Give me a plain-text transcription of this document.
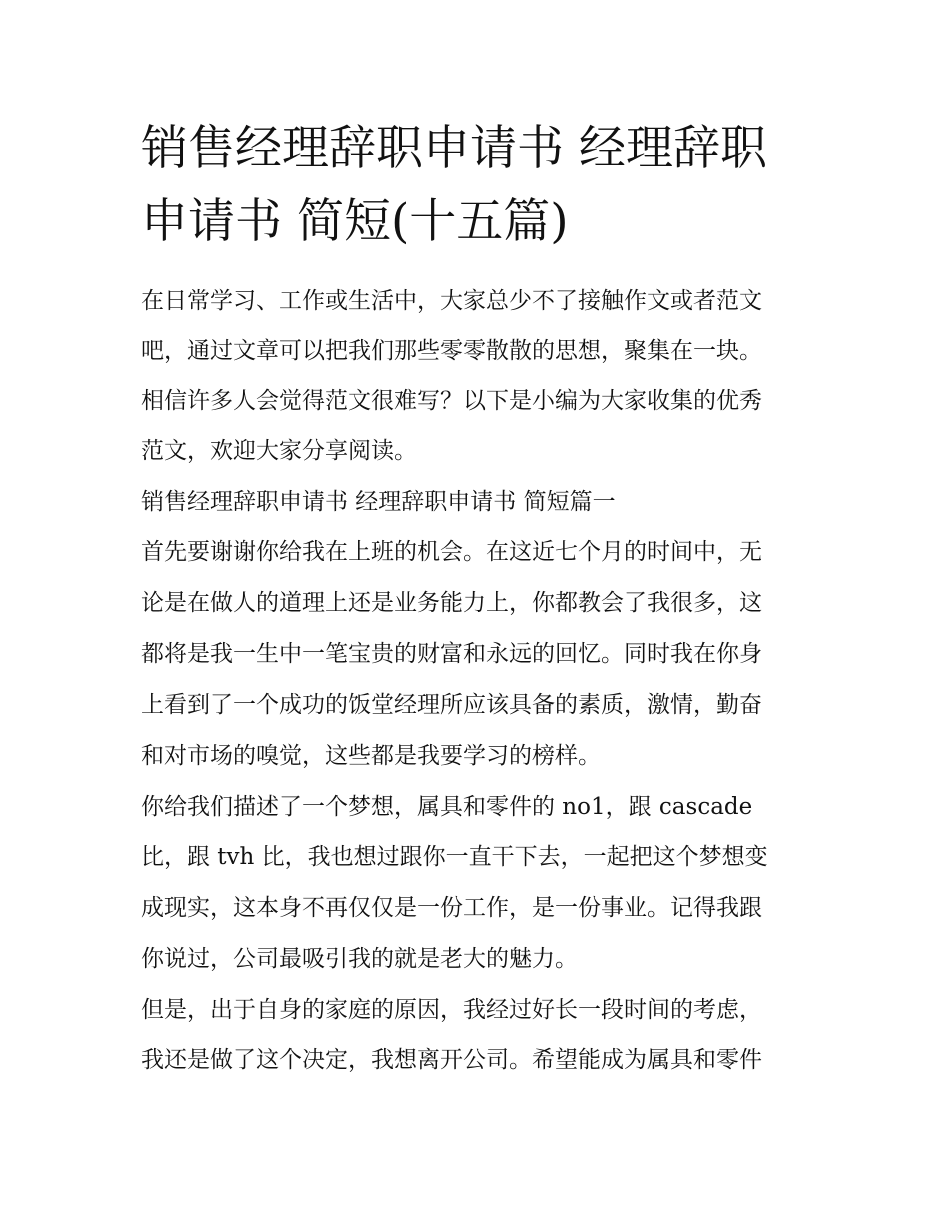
销售经理辞职申请书 经理辞职
申请书 简短(十五篇)

在日常学习、工作或生活中，大家总少不了接触作文或者范文

吧，通过文章可以把我们那些零零散散的思想，聚集在一块。

相信许多人会觉得范文很难写？以下是小编为大家收集的优秀

范文，欢迎大家分享阅读。

销售经理辞职申请书 经理辞职申请书 简短篇一

首先要谢谢你给我在上班的机会。在这近七个月的时间中，无

论是在做人的道理上还是业务能力上，你都教会了我很多，这

都将是我一生中一笔宝贵的财富和永远的回忆。同时我在你身

上看到了一个成功的饭堂经理所应该具备的素质，激情，勤奋

和对市场的嗅觉，这些都是我要学习的榜样。

你给我们描述了一个梦想，属具和零件的 no1，跟 cascade

比，跟 tvh 比，我也想过跟你一直干下去，一起把这个梦想变

成现实，这本身不再仅仅是一份工作，是一份事业。记得我跟

你说过，公司最吸引我的就是老大的魅力。

但是，出于自身的家庭的原因，我经过好长一段时间的考虑，

我还是做了这个决定，我想离开公司。希望能成为属具和零件
